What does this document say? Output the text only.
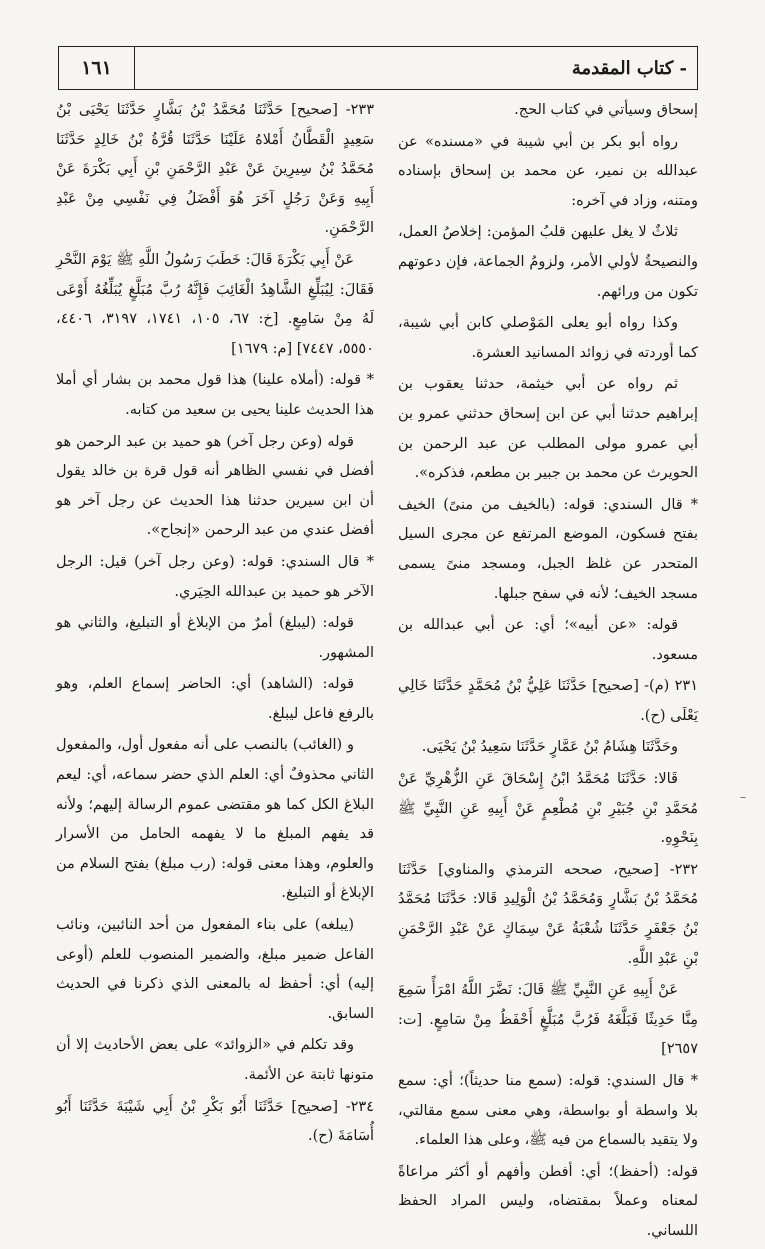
١٦١	- كتاب المقدمة

إسحاق وسيأتي في كتاب الحج.

رواه أبو بكر بن أبي شيبة في «مسنده» عن عبدالله بن نمير، عن محمد بن إسحاق بإسناده ومتنه، وزاد في آخره:

ثلاثٌ لا يغل عليهن قلبُ المؤمن: إخلاصُ العمل، والنصيحةُ لأولي الأمر، ولزومُ الجماعة، فإن دعوتهم تكون من ورائهم.

وكذا رواه أبو يعلى المَوْصلي كابن أبي شيبة، كما أوردته في زوائد المسانيد العشرة.

ثم رواه عن أبي خيثمة، حدثنا يعقوب بن إبراهيم حدثنا أبي عن ابن إسحاق حدثني عمرو بن أبي عمرو مولى المطلب عن عبد الرحمن بن الحويرث عن محمد بن جبير بن مطعم، فذكره».

* قال السندي: قوله: (بالخيف من منىً) الخيف بفتح فسكون، الموضع المرتفع عن مجرى السيل المتحدر عن غلظ الجبل، ومسجد منىً يسمى مسجد الخيف؛ لأنه في سفح جبلها.

قوله: «عن أبيه»؛ أي: عن أبي عبدالله بن مسعود.

٢٣١ (م)- [صحيح] حَدَّثَنَا عَلِيُّ بْنُ مُحَمَّدٍ حَدَّثَنَا خَالِي يَعْلَى (ح).

وحَدَّثَنَا هِشَامُ بْنُ عَمَّارٍ حَدَّثَنَا سَعِيدُ بْنُ يَحْيَى.

قَالا: حَدَّثَنَا مُحَمَّدُ ابْنُ إِسْحَاقَ عَنِ الزُّهْرِيِّ عَنْ مُحَمَّدِ بْنِ جُبَيْرِ بْنِ مُطْعِمٍ عَنْ أَبِيهِ عَنِ النَّبِيِّ ﷺ بِنَحْوِهِ.

٢٣٢- [صحيح، صححه الترمذي والمناوي] حَدَّثَنَا مُحَمَّدُ بْنُ بَشَّارٍ وَمُحَمَّدُ بْنُ الْوَلِيدِ قَالا: حَدَّثَنَا مُحَمَّدُ بْنُ جَعْفَرٍ حَدَّثَنَا شُعْبَةُ عَنْ سِمَاكٍ عَنْ عَبْدِ الرَّحْمَنِ بْنِ عَبْدِ اللَّهِ.

عَنْ أَبِيهِ عَنِ النَّبِيِّ ﷺ قَالَ: نَضَّرَ اللَّهُ امْرَأً سَمِعَ مِنَّا حَدِيثًا فَبَلَّغَهُ فَرُبَّ مُبَلَّغٍ أَحْفَظُ مِنْ سَامِعٍ. [ت: ٢٦٥٧]

* قال السندي: قوله: (سمع منا حديثاً)؛ أي: سمع بلا واسطة أو بواسطة، وهي معنى سمع مقالتي، ولا يتقيد بالسماع من فيه ﷺ، وعلى هذا العلماء.

قوله: (أحفظ)؛ أي: أفطن وأفهم أو أكثر مراعاةً لمعناه وعملاً بمقتضاه، وليس المراد الحفظ اللساني.

٢٣٣- [صحيح] حَدَّثَنَا مُحَمَّدُ بْنُ بَشَّارٍ حَدَّثَنَا يَحْيَى بْنُ سَعِيدٍ الْقَطَّانُ أَمْلاهُ عَلَيْنَا حَدَّثَنَا قُرَّةُ بْنُ خَالِدٍ حَدَّثَنَا مُحَمَّدُ بْنُ سِيرِينَ عَنْ عَبْدِ الرَّحْمَنِ بْنِ أَبِي بَكْرَةَ عَنْ أَبِيهِ وَعَنْ رَجُلٍ آخَرَ هُوَ أَفْضَلُ فِي نَفْسِي مِنْ عَبْدِ الرَّحْمَنِ.

عَنْ أَبِي بَكْرَةَ قَالَ: خَطَبَ رَسُولُ اللَّهِ ﷺ يَوْمَ النَّحْرِ فَقَالَ: لِيُبَلِّغِ الشَّاهِدُ الْغَائِبَ فَإِنَّهُ رُبَّ مُبَلَّغٍ يُبَلِّغُهُ أَوْعَى لَهُ مِنْ سَامِعٍ. [خ: ٦٧، ١٠٥، ١٧٤١، ٣١٩٧، ٤٤٠٦، ٥٥٥٠، ٧٤٤٧] [م: ١٦٧٩]

* قوله: (أملاه علينا) هذا قول محمد بن بشار أي أملا هذا الحديث علينا يحيى بن سعيد من كتابه.

قوله (وعن رجل آخر) هو حميد بن عبد الرحمن هو أفضل في نفسي الظاهر أنه قول قرة بن خالد يقول أن ابن سيرين حدثنا هذا الحديث عن رجل آخر هو أفضل عندي من عبد الرحمن «إنجاح».

* قال السندي: قوله: (وعن رجل آخر) قيل: الرجل الآخر هو حميد بن عبدالله الحِيَري.

قوله: (ليبلغ) أمرٌ من الإبلاغ أو التبليغ، والثاني هو المشهور.

قوله: (الشاهد) أي: الحاضر إسماع العلم، وهو بالرفع فاعل ليبلغ.

و (الغائب) بالنصب على أنه مفعول أول، والمفعول الثاني محذوفٌ أي: العلم الذي حضر سماعه، أي: ليعم البلاغ الكل كما هو مقتضى عموم الرسالة إليهم؛ ولأنه قد يفهم المبلغ ما لا يفهمه الحامل من الأسرار والعلوم، وهذا معنى قوله: (رب مبلغ) بفتح السلام من الإبلاغ أو التبليغ.

(يبلغه) على بناء المفعول من أحد النائبين، ونائب الفاعل ضمير مبلغ، والضمير المنصوب للعلم (أوعى إليه) أي: أحفظ له بالمعنى الذي ذكرنا في الحديث السابق.

وقد تكلم في «الزوائد» على بعض الأحاديث إلا أن متونها ثابتة عن الأئمة.

٢٣٤- [صحيح] حَدَّثَنَا أَبُو بَكْرِ بْنُ أَبِي شَيْبَةَ حَدَّثَنَا أَبُو أُسَامَةَ (ح).

–
